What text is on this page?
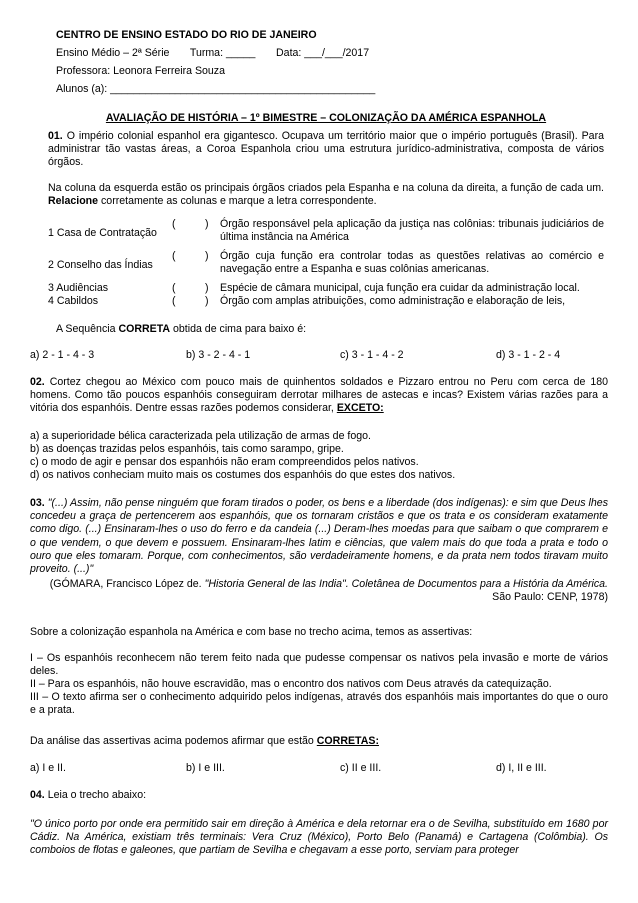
CENTRO DE ENSINO ESTADO DO RIO DE JANEIRO
Ensino Médio – 2ª Série       Turma: _____       Data: ___/___/2017
Professora: Leonora Ferreira Souza
Alunos (a): _____________________________________________
AVALIAÇÃO DE HISTÓRIA – 1º BIMESTRE – COLONIZAÇÃO DA AMÉRICA ESPANHOLA
01. O império colonial espanhol era gigantesco. Ocupava um território maior que o império português (Brasil). Para administrar tão vastas áreas, a Coroa Espanhola criou uma estrutura jurídico-administrativa, composta de vários órgãos.
Na coluna da esquerda estão os principais órgãos criados pela Espanha e na coluna da direita, a função de cada um. Relacione corretamente as colunas e marque a letra correspondente.
1 Casa de Contratação	(          )	Órgão responsável pela aplicação da justiça nas colônias: tribunais judiciários de última instância na América
2 Conselho das Índias	(          )	Órgão cuja função era controlar todas as questões relativas ao comércio e navegação entre a Espanha e suas colônias americanas.
3 Audiências	(          )	Espécie de câmara municipal, cuja função era cuidar da administração local.
4 Cabildos	(          )	Órgão com amplas atribuições, como administração e elaboração de leis,
A Sequência CORRETA obtida de cima para baixo é:
a) 2 - 1 - 4 - 3	b) 3 - 2 - 4 - 1	c) 3 - 1 - 4 - 2	d) 3 - 1 - 2 - 4
02. Cortez chegou ao México com pouco mais de quinhentos soldados e Pizzaro entrou no Peru com cerca de 180 homens. Como tão poucos espanhóis conseguiram derrotar milhares de astecas e incas? Existem várias razões para a vitória dos espanhóis. Dentre essas razões podemos considerar, EXCETO:
a) a superioridade bélica caracterizada pela utilização de armas de fogo.
b) as doenças trazidas pelos espanhóis, tais como sarampo, gripe.
c) o modo de agir e pensar dos espanhóis não eram compreendidos pelos nativos.
d) os nativos conheciam muito mais os costumes dos espanhóis do que estes dos nativos.
03. "(...) Assim, não pense ninguém que foram tirados o poder, os bens e a liberdade (dos indígenas): e sim que Deus lhes concedeu a graça de pertencerem aos espanhóis, que os tornaram cristãos e que os trata e os consideram exatamente como digo. (...) Ensinaram-lhes o uso do ferro e da candeia (...) Deram-lhes moedas para que saibam o que comprarem e o que vendem, o que devem e possuem. Ensinaram-lhes latim e ciências, que valem mais do que toda a prata e todo o ouro que eles tomaram. Porque, com conhecimentos, são verdadeiramente homens, e da prata nem todos tiravam muito proveito. (...)"
(GÓMARA, Francisco López de. "Historia General de las India". Coletânea de Documentos para a História da América. São Paulo: CENP, 1978)
Sobre a colonização espanhola na América e com base no trecho acima, temos as assertivas:
I – Os espanhóis reconhecem não terem feito nada que pudesse compensar os nativos pela invasão e morte de vários deles.
II – Para os espanhóis, não houve escravidão, mas o encontro dos nativos com Deus através da catequização.
III – O texto afirma ser o conhecimento adquirido pelos indígenas, através dos espanhóis mais importantes do que o ouro e a prata.
Da análise das assertivas acima podemos afirmar que estão CORRETAS:
a) I e II.	b) I e III.	c) II e III.	d) I, II e III.
04. Leia o trecho abaixo:
"O único porto por onde era permitido sair em direção à América e dela retornar era o de Sevilha, substituído em 1680 por Cádiz. Na América, existiam três terminais: Vera Cruz (México), Porto Belo (Panamá) e Cartagena (Colômbia). Os comboios de flotas e galeones, que partiam de Sevilha e chegavam a esse porto, serviam para proteger
